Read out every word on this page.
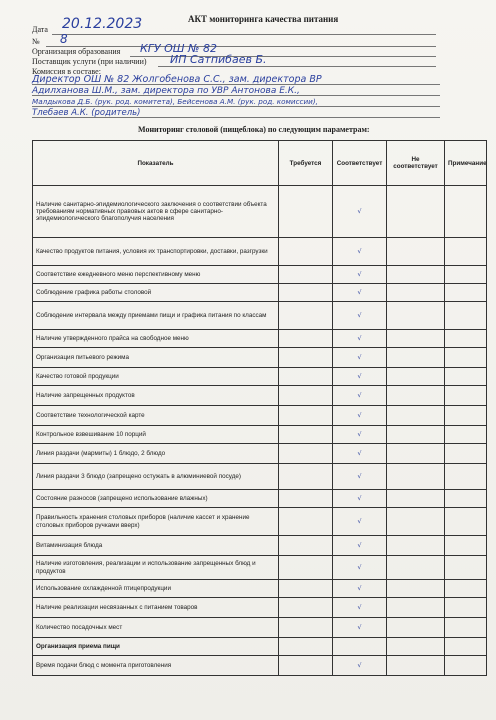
АКТ мониторинга качества питания
Дата 20.12.2023
№ 8
Организация образования КГУ ОШ № 82
Поставщик услуги (при наличии) ИП Сатпибаев Б.
Комиссия в составе:
Директор ОШ № 82 Жолгобенова С.С., зам. директора ВР
Адилханова Ш.М., зам. директора по УВР Антонова Е.К.,
Малдыкова Д.Б. (рук. род. комитета), Бейсенова А.М. (рук. род. комиссии),
Тлебаев А.К. (родитель)
Мониторинг столовой (пищеблока) по следующим параметрам:
Показатель	Требуется	Соответствует	Не соответствует	Примечание
Наличие санитарно-эпидемиологического заключения о соответствии объекта требованиям нормативных правовых актов в сфере санитарно-эпидемиологического благополучия населения		√		
Качество продуктов питания, условия их транспортировки, доставки, разгрузки		√		
Соответствие ежедневного меню перспективному меню		√		
Соблюдение графика работы столовой		√		
Соблюдение интервала между приемами пищи и графика питания по классам		√		
Наличие утвержденного прайса на свободное меню		√		
Организация питьевого режима		√		
Качество готовой продукции		√		
Наличие запрещенных продуктов		√		
Соответствие технологической карте		√		
Контрольное взвешивание 10 порций		√		
Линия раздачи (мармиты) 1 блюдо, 2 блюдо		√		
Линия раздачи 3 блюдо (запрещено остужать в алюминиевой посуде)		√		
Состояние разносов (запрещено использование влажных)		√		
Правильность хранения столовых приборов (наличие кассет и хранение столовых приборов ручками вверх)		√		
Витаминизация блюда		√		
Наличие изготовления, реализации и использование запрещенных блюд и продуктов		√		
Использование охлажденной птицепродукции		√		
Наличие реализации несвязанных с питанием товаров		√		
Количество посадочных мест		√		
Организация приема пищи				
Время подачи блюд с момента приготовления		√		
